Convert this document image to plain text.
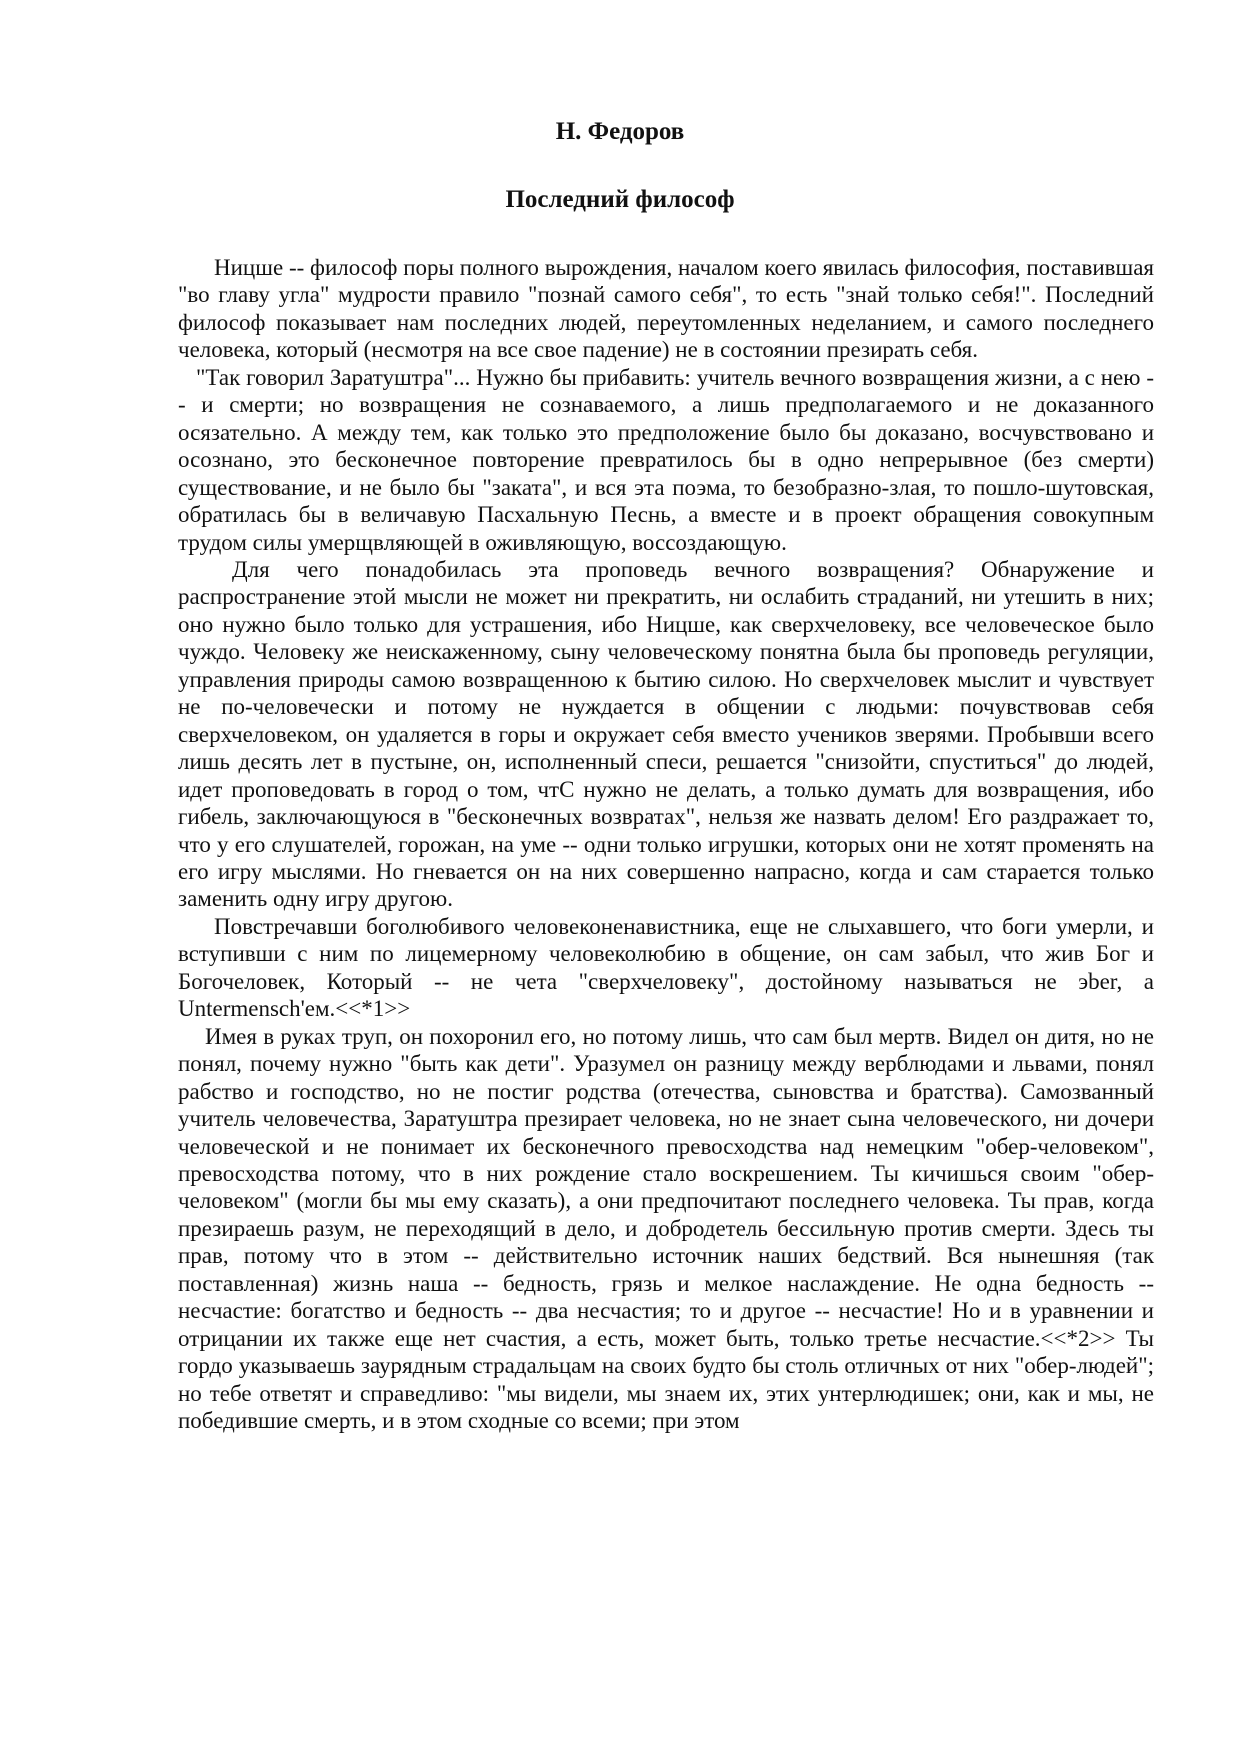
Н. Федоров
Последний философ

Ницше -- философ поры полного вырождения, началом коего явилась философия, поставившая "во главу угла" мудрости правило "познай самого себя", то есть "знай только себя!". Последний философ показывает нам последних людей, переутомленных неделанием, и самого последнего человека, который (несмотря на все свое падение) не в состоянии презирать себя.

"Так говорил Заратуштра"... Нужно бы прибавить: учитель вечного возвращения жизни, а с нею -- и смерти; но возвращения не сознаваемого, а лишь предполагаемого и не доказанного осязательно. А между тем, как только это предположение было бы доказано, восчувствовано и осознано, это бесконечное повторение превратилось бы в одно непрерывное (без смерти) существование, и не было бы "заката", и вся эта поэма, то безобразно-злая, то пошло-шутовская, обратилась бы в величавую Пасхальную Песнь, а вместе и в проект обращения совокупным трудом силы умерщвляющей в оживляющую, воссоздающую.

Для чего понадобилась эта проповедь вечного возвращения? Обнаружение и распространение этой мысли не может ни прекратить, ни ослабить страданий, ни утешить в них; оно нужно было только для устрашения, ибо Ницше, как сверхчеловеку, все человеческое было чуждо. Человеку же неискаженному, сыну человеческому понятна была бы проповедь регуляции, управления природы самою возвращенною к бытию силою. Но сверхчеловек мыслит и чувствует не по-человечески и потому не нуждается в общении с людьми: почувствовав себя сверхчеловеком, он удаляется в горы и окружает себя вместо учеников зверями. Пробывши всего лишь десять лет в пустыне, он, исполненный спеси, решается "снизойти, спуститься" до людей, идет проповедовать в город о том, чтС нужно не делать, а только думать для возвращения, ибо гибель, заключающуюся в "бесконечных возвратах", нельзя же назвать делом! Его раздражает то, что у его слушателей, горожан, на уме -- одни только игрушки, которых они не хотят променять на его игру мыслями. Но гневается он на них совершенно напрасно, когда и сам старается только заменить одну игру другою.

Повстречавши боголюбивого человеконенавистника, еще не слыхавшего, что боги умерли, и вступивши с ним по лицемерному человеколюбию в общение, он сам забыл, что жив Бог и Богочеловек, Который -- не чета "сверхчеловеку", достойному называться не эber, а Untermensch'ем.<<*1>>

Имея в руках труп, он похоронил его, но потому лишь, что сам был мертв. Видел он дитя, но не понял, почему нужно "быть как дети". Уразумел он разницу между верблюдами и львами, понял рабство и господство, но не постиг родства (отечества, сыновства и братства). Самозванный учитель человечества, Заратуштра презирает человека, но не знает сына человеческого, ни дочери человеческой и не понимает их бесконечного превосходства над немецким "обер-человеком", превосходства потому, что в них рождение стало воскрешением. Ты кичишься своим "обер-человеком" (могли бы мы ему сказать), а они предпочитают последнего человека. Ты прав, когда презираешь разум, не переходящий в дело, и добродетель бессильную против смерти. Здесь ты прав, потому что в этом -- действительно источник наших бедствий. Вся нынешняя (так поставленная) жизнь наша -- бедность, грязь и мелкое наслаждение. Не одна бедность -- несчастие: богатство и бедность -- два несчастия; то и другое -- несчастие! Но и в уравнении и отрицании их также еще нет счастия, а есть, может быть, только третье несчастие.<<*2>> Ты гордо указываешь заурядным страдальцам на своих будто бы столь отличных от них "обер-людей"; но тебе ответят и справедливо: "мы видели, мы знаем их, этих унтерлюдишек; они, как и мы, не победившие смерть, и в этом сходные со всеми; при этом
